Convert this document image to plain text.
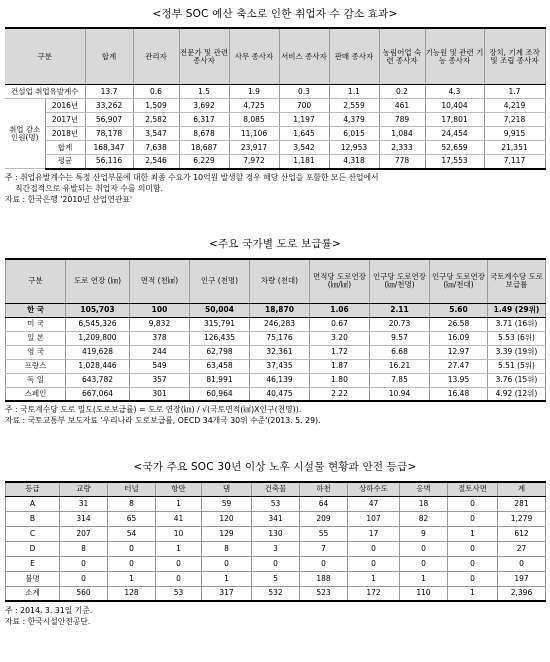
<정부 SOC 예산 축소로 인한 취업자 수 감소 효과>
구분		합계	관리자	전문가 및 관련 종사자	사무 종사자	서비스 종사자	판매 종사자	농림어업 숙련 종사자	기능원 및 관련 기능 종사자	장치, 기계 조작 및 조립 종사자	
건설업 취업유발계수		13.7	0.6	1.5	1.9	0.3	1.1	0.2	4.3	1.7	
취업 감소 인원(명)	2016년	33,262	1,509	3,692	4,725	700	2,559	461	10,404	4,219	
	2017년	56,907	2,582	6,317	8,085	1,197	4,379	789	17,801	7,218	
	2018년	78,178	3,547	8,678	11,106	1,645	6,015	1,084	24,454	9,915	
	합계	168,347	7,638	18,687	23,917	3,542	12,953	2,333	52,659	21,351	
	평균	56,116	2,546	6,229	7,972	1,181	4,318	778	17,553	7,117	
주 : 취업유발계수는 특정 산업부문에 대한 최종 수요가 10억원 발생할 경우 해당 산업을 포함한 모든 산업에서
직간접적으로 유발되는 취업자 수를 의미함.
자료 : 한국은행 '2010년 산업연관표'
<주요 국가별 도로 보급률>
구분	도로 연장 (㎞)	면적 (천㎢)	인구 (천명)	차량 (천대)	면적당 도로연장 (㎞/㎢)	인구당 도로연장 (㎞/천명)	인구당 도로연장 (㎞/천대)	국토계수당 도로보급률
한 국	105,703	100	50,004	18,870	1.06	2.11	5.60	1.49 (29위)
미 국	6,545,326	9,832	315,791	246,283	0.67	20.73	26.58	3.71 (16위)
일 본	1,209,800	378	126,435	75,176	3.20	9.57	16.09	5.53 (6위)
영 국	419,628	244	62,798	32,361	1.72	6.68	12.97	3.39 (19위)
프랑스	1,028,446	549	63,458	37,435	1.87	16.21	27.47	5.51 (5위)
독 일	643,782	357	81,991	46,139	1.80	7.85	13.95	3.76 (15위)
스페인	667,064	301	60,964	40,475	2.22	10.94	16.48	4.92 (12위)
주 : 국토계수당 도로 밀도(도로보급률) = 도로 연장(㎞) / √(국토면적(㎢)X인구(천명)).
자료 : 국토교통부 보도자료 '우리나라 도로보급률, OECD 34개국 30위 수준'(2013. 5. 29).
<국가 주요 SOC 30년 이상 노후 시설물 현황과 안전 등급>
등급	교량	터널	항만	댐	건축물	하천	상하수도	옹벽	절토사면	계
A	31	8	1	59	53	64	47	18	0	281
B	314	65	41	120	341	209	107	82	0	1,279
C	207	54	10	129	130	55	17	9	1	612
D	8	0	1	8	3	7	0	0	0	27
E	0	0	0	0	0	0	0	0	0	0
불명	0	1	0	1	5	188	1	1	0	197
소계	560	128	53	317	532	523	172	110	1	2,396
주 : 2014. 3. 31일 기준.
자료 : 한국시설안전공단.
